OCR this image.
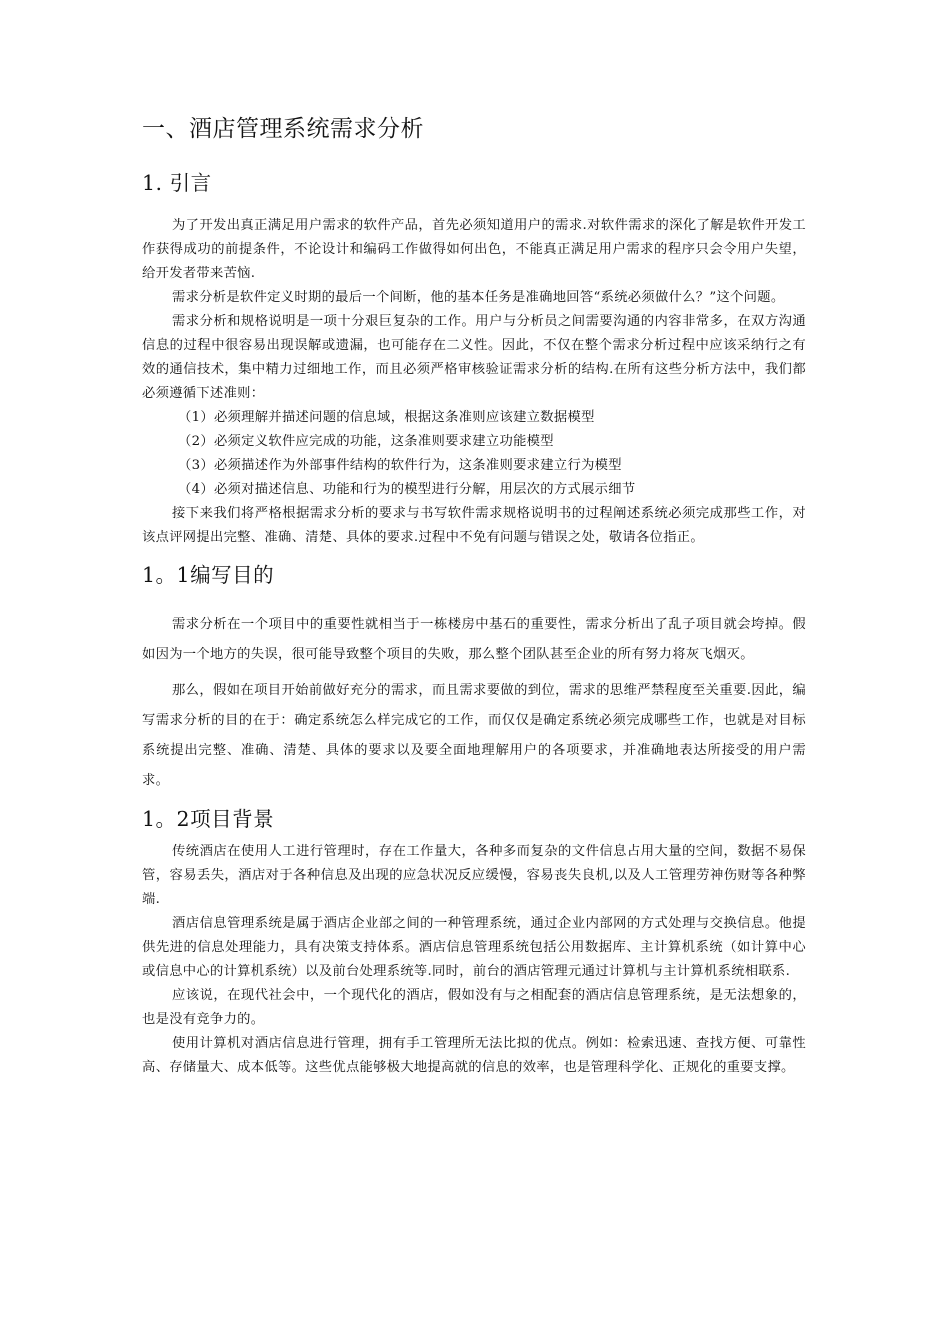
一、酒店管理系统需求分析
1. 引言

为了开发出真正满足用户需求的软件产品，首先必须知道用户的需求.对软件需求的深化了解是软件开发工作获得成功的前提条件，不论设计和编码工作做得如何出色，不能真正满足用户需求的程序只会令用户失望，给开发者带来苦恼.

需求分析是软件定义时期的最后一个间断，他的基本任务是准确地回答“系统必须做什么？”这个问题。

需求分析和规格说明是一项十分艰巨复杂的工作。用户与分析员之间需要沟通的内容非常多，在双方沟通信息的过程中很容易出现误解或遗漏，也可能存在二义性。因此，不仅在整个需求分析过程中应该采纳行之有效的通信技术，集中精力过细地工作，而且必须严格审核验证需求分析的结构.在所有这些分析方法中，我们都必须遵循下述准则：

（1）必须理解并描述问题的信息域，根据这条准则应该建立数据模型

（2）必须定义软件应完成的功能，这条准则要求建立功能模型

（3）必须描述作为外部事件结构的软件行为，这条准则要求建立行为模型

（4）必须对描述信息、功能和行为的模型进行分解，用层次的方式展示细节

接下来我们将严格根据需求分析的要求与书写软件需求规格说明书的过程阐述系统必须完成那些工作，对该点评网提出完整、准确、清楚、具体的要求.过程中不免有问题与错误之处，敬请各位指正。

1。1编写目的

需求分析在一个项目中的重要性就相当于一栋楼房中基石的重要性，需求分析出了乱子项目就会垮掉。假如因为一个地方的失误，很可能导致整个项目的失败，那么整个团队甚至企业的所有努力将灰飞烟灭。

那么，假如在项目开始前做好充分的需求，而且需求要做的到位，需求的思维严禁程度至关重要.因此，编写需求分析的目的在于：确定系统怎么样完成它的工作，而仅仅是确定系统必须完成哪些工作，也就是对目标系统提出完整、准确、清楚、具体的要求以及要全面地理解用户的各项要求，并准确地表达所接受的用户需求。

1。2项目背景

传统酒店在使用人工进行管理时，存在工作量大，各种多而复杂的文件信息占用大量的空间，数据不易保管，容易丢失，酒店对于各种信息及出现的应急状况反应缓慢，容易丧失良机,以及人工管理劳神伤财等各种弊端.

酒店信息管理系统是属于酒店企业部之间的一种管理系统，通过企业内部网的方式处理与交换信息。他提供先进的信息处理能力，具有决策支持体系。酒店信息管理系统包括公用数据库、主计算机系统（如计算中心或信息中心的计算机系统）以及前台处理系统等.同时，前台的酒店管理元通过计算机与主计算机系统相联系.

应该说，在现代社会中，一个现代化的酒店，假如没有与之相配套的酒店信息管理系统，是无法想象的，也是没有竞争力的。

使用计算机对酒店信息进行管理，拥有手工管理所无法比拟的优点。例如：检索迅速、查找方便、可靠性高、存储量大、成本低等。这些优点能够极大地提高就的信息的效率，也是管理科学化、正规化的重要支撑。
